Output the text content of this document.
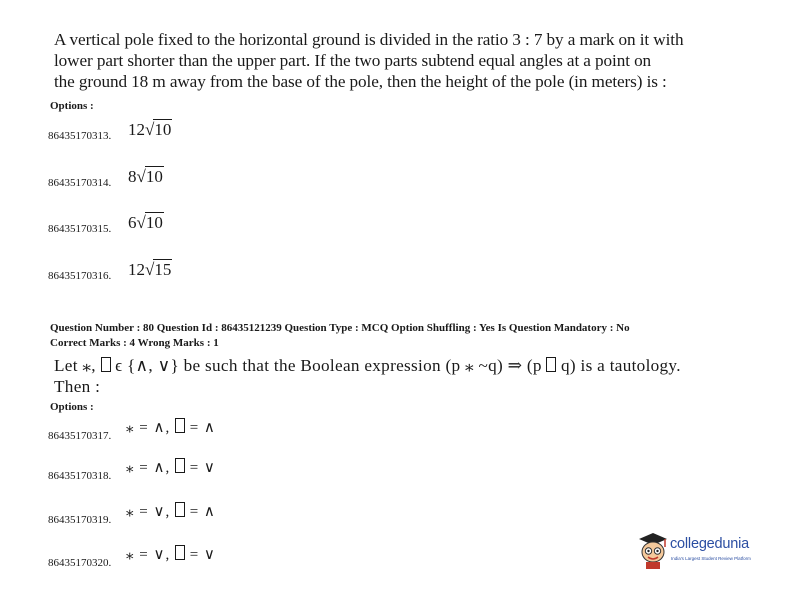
A vertical pole fixed to the horizontal ground is divided in the ratio 3 : 7 by a mark on it with
lower part shorter than the upper part. If the two parts subtend equal angles at a point on
the ground 18 m away from the base of the pole, then the height of the pole (in meters) is :
Options :
86435170313. 12√10
86435170314. 8√10
86435170315. 6√10
86435170316. 12√15
Question Number : 80 Question Id : 86435121239 Question Type : MCQ Option Shuffling : Yes Is Question Mandatory : No
Correct Marks : 4 Wrong Marks : 1
Let ⁎,  ϵ {∧, ∨} be such that the Boolean expression (p ⁎ ~q) ⇒ (p  q) is a tautology.
Then :
Options :
86435170317. ⁎ = ∧,  = ∧
86435170318. ⁎ = ∧,  = ∨
86435170319. ⁎ = ∨,  = ∧
86435170320. ⁎ = ∨,  = ∨
collegedunia
India's Largest Student Review Platform
